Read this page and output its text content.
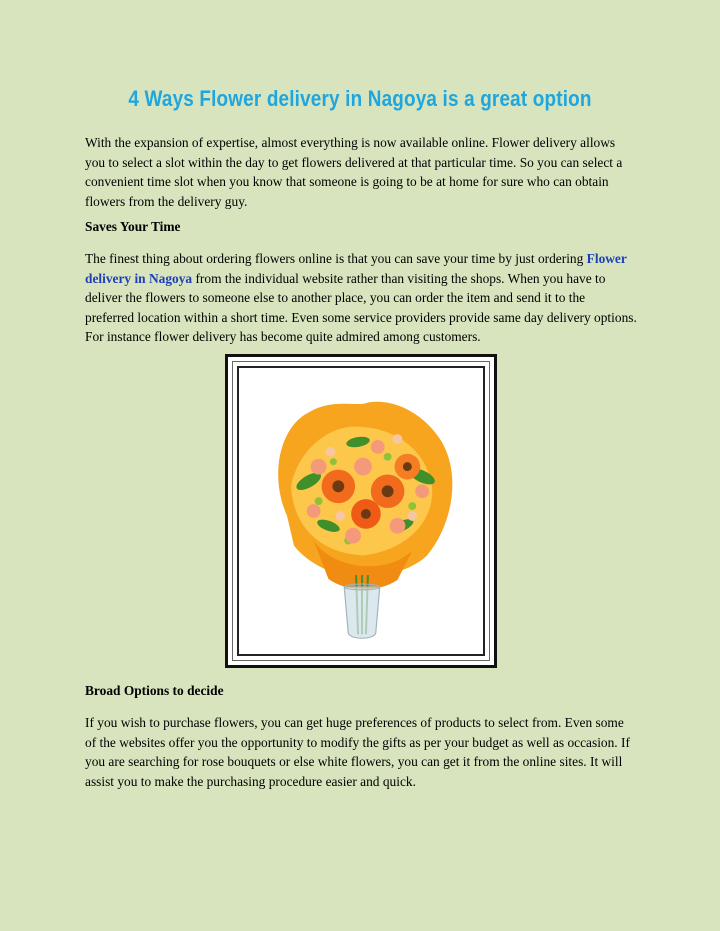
4 Ways Flower delivery in Nagoya is a great option

With the expansion of expertise, almost everything is now available online. Flower delivery allows you to select a slot within the day to get flowers delivered at that particular time. So you can select a convenient time slot when you know that someone is going to be at home for sure who can obtain flowers from the delivery guy.

Saves Your Time

The finest thing about ordering flowers online is that you can save your time by just ordering Flower delivery in Nagoya from the individual website rather than visiting the shops. When you have to deliver the flowers to someone else to another place, you can order the item and send it to the preferred location within a short time. Even some service providers provide same day delivery options. For instance flower delivery has become quite admired among customers.

Broad Options to decide

If you wish to purchase flowers, you can get huge preferences of products to select from. Even some of the websites offer you the opportunity to modify the gifts as per your budget as well as occasion. If you are searching for rose bouquets or else white flowers, you can get it from the online sites. It will assist you to make the purchasing procedure easier and quick.
